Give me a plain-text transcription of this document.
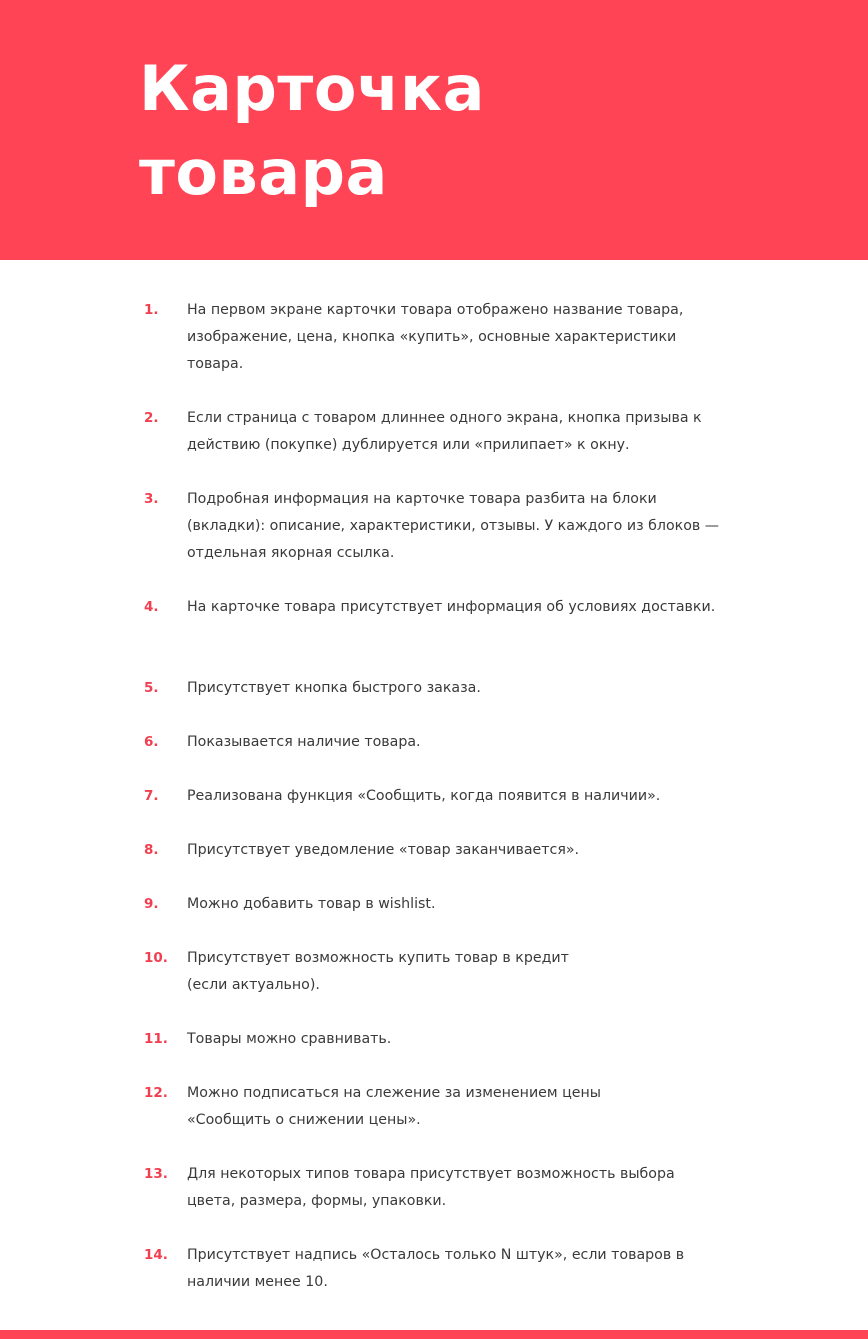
Карточка
товара
1.	На первом экране карточки товара отображено название товара, изображение, цена, кнопка «купить», основные характеристики товара.
2.	Если страница с товаром длиннее одного экрана, кнопка призыва к действию (покупке) дублируется или «прилипает» к окну.
3.	Подробная информация на карточке товара разбита на блоки (вкладки): описание, характеристики, отзывы. У каждого из блоков — отдельная якорная ссылка.
4.	На карточке товара присутствует информация об условиях доставки.
5.	Присутствует кнопка быстрого заказа.
6.	Показывается наличие товара.
7.	Реализована функция «Сообщить, когда появится в наличии».
8.	Присутствует уведомление «товар заканчивается».
9.	Можно добавить товар в wishlist.
10.	Присутствует возможность купить товар в кредит
(если актуально).
11.	Товары можно сравнивать.
12.	Можно подписаться на слежение за изменением цены
«Сообщить о снижении цены».
13.	Для некоторых типов товара присутствует возможность выбора цвета, размера, формы, упаковки.
14.	Присутствует надпись «Осталось только N штук», если товаров в наличии менее 10.
